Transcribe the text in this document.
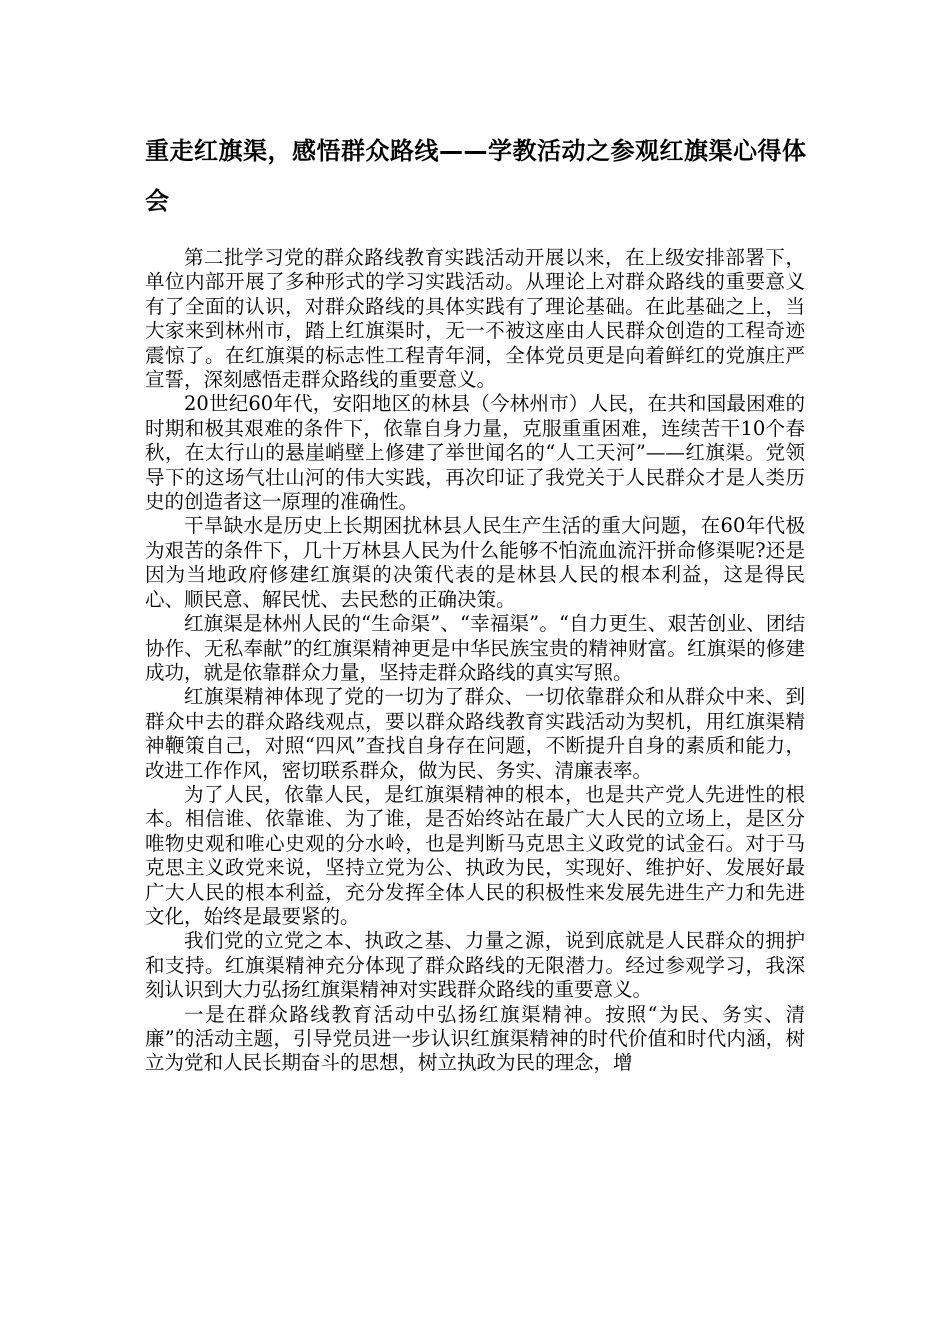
重走红旗渠，感悟群众路线——学教活动之参观红旗渠心得体会

第二批学习党的群众路线教育实践活动开展以来，在上级安排部署下，单位内部开展了多种形式的学习实践活动。从理论上对群众路线的重要意义有了全面的认识，对群众路线的具体实践有了理论基础。在此基础之上，当大家来到林州市，踏上红旗渠时，无一不被这座由人民群众创造的工程奇迹震惊了。在红旗渠的标志性工程青年洞，全体党员更是向着鲜红的党旗庄严宣誓，深刻感悟走群众路线的重要意义。

20世纪60年代，安阳地区的林县（今林州市）人民，在共和国最困难的时期和极其艰难的条件下，依靠自身力量，克服重重困难，连续苦干10个春秋，在太行山的悬崖峭壁上修建了举世闻名的“人工天河”——红旗渠。党领导下的这场气壮山河的伟大实践，再次印证了我党关于人民群众才是人类历史的创造者这一原理的准确性。

干旱缺水是历史上长期困扰林县人民生产生活的重大问题，在60年代极为艰苦的条件下，几十万林县人民为什么能够不怕流血流汗拼命修渠呢?还是因为当地政府修建红旗渠的决策代表的是林县人民的根本利益，这是得民心、顺民意、解民忧、去民愁的正确决策。

红旗渠是林州人民的“生命渠”、“幸福渠”。“自力更生、艰苦创业、团结协作、无私奉献”的红旗渠精神更是中华民族宝贵的精神财富。红旗渠的修建成功，就是依靠群众力量，坚持走群众路线的真实写照。

红旗渠精神体现了党的一切为了群众、一切依靠群众和从群众中来、到群众中去的群众路线观点，要以群众路线教育实践活动为契机，用红旗渠精神鞭策自己，对照“四风”查找自身存在问题，不断提升自身的素质和能力，改进工作作风，密切联系群众，做为民、务实、清廉表率。

为了人民，依靠人民，是红旗渠精神的根本，也是共产党人先进性的根本。相信谁、依靠谁、为了谁，是否始终站在最广大人民的立场上，是区分唯物史观和唯心史观的分水岭，也是判断马克思主义政党的试金石。对于马克思主义政党来说，坚持立党为公、执政为民，实现好、维护好、发展好最广大人民的根本利益，充分发挥全体人民的积极性来发展先进生产力和先进文化，始终是最要紧的。

我们党的立党之本、执政之基、力量之源，说到底就是人民群众的拥护和支持。红旗渠精神充分体现了群众路线的无限潜力。经过参观学习，我深刻认识到大力弘扬红旗渠精神对实践群众路线的重要意义。

一是在群众路线教育活动中弘扬红旗渠精神。按照“为民、务实、清廉”的活动主题，引导党员进一步认识红旗渠精神的时代价值和时代内涵，树立为党和人民长期奋斗的思想，树立执政为民的理念，增
